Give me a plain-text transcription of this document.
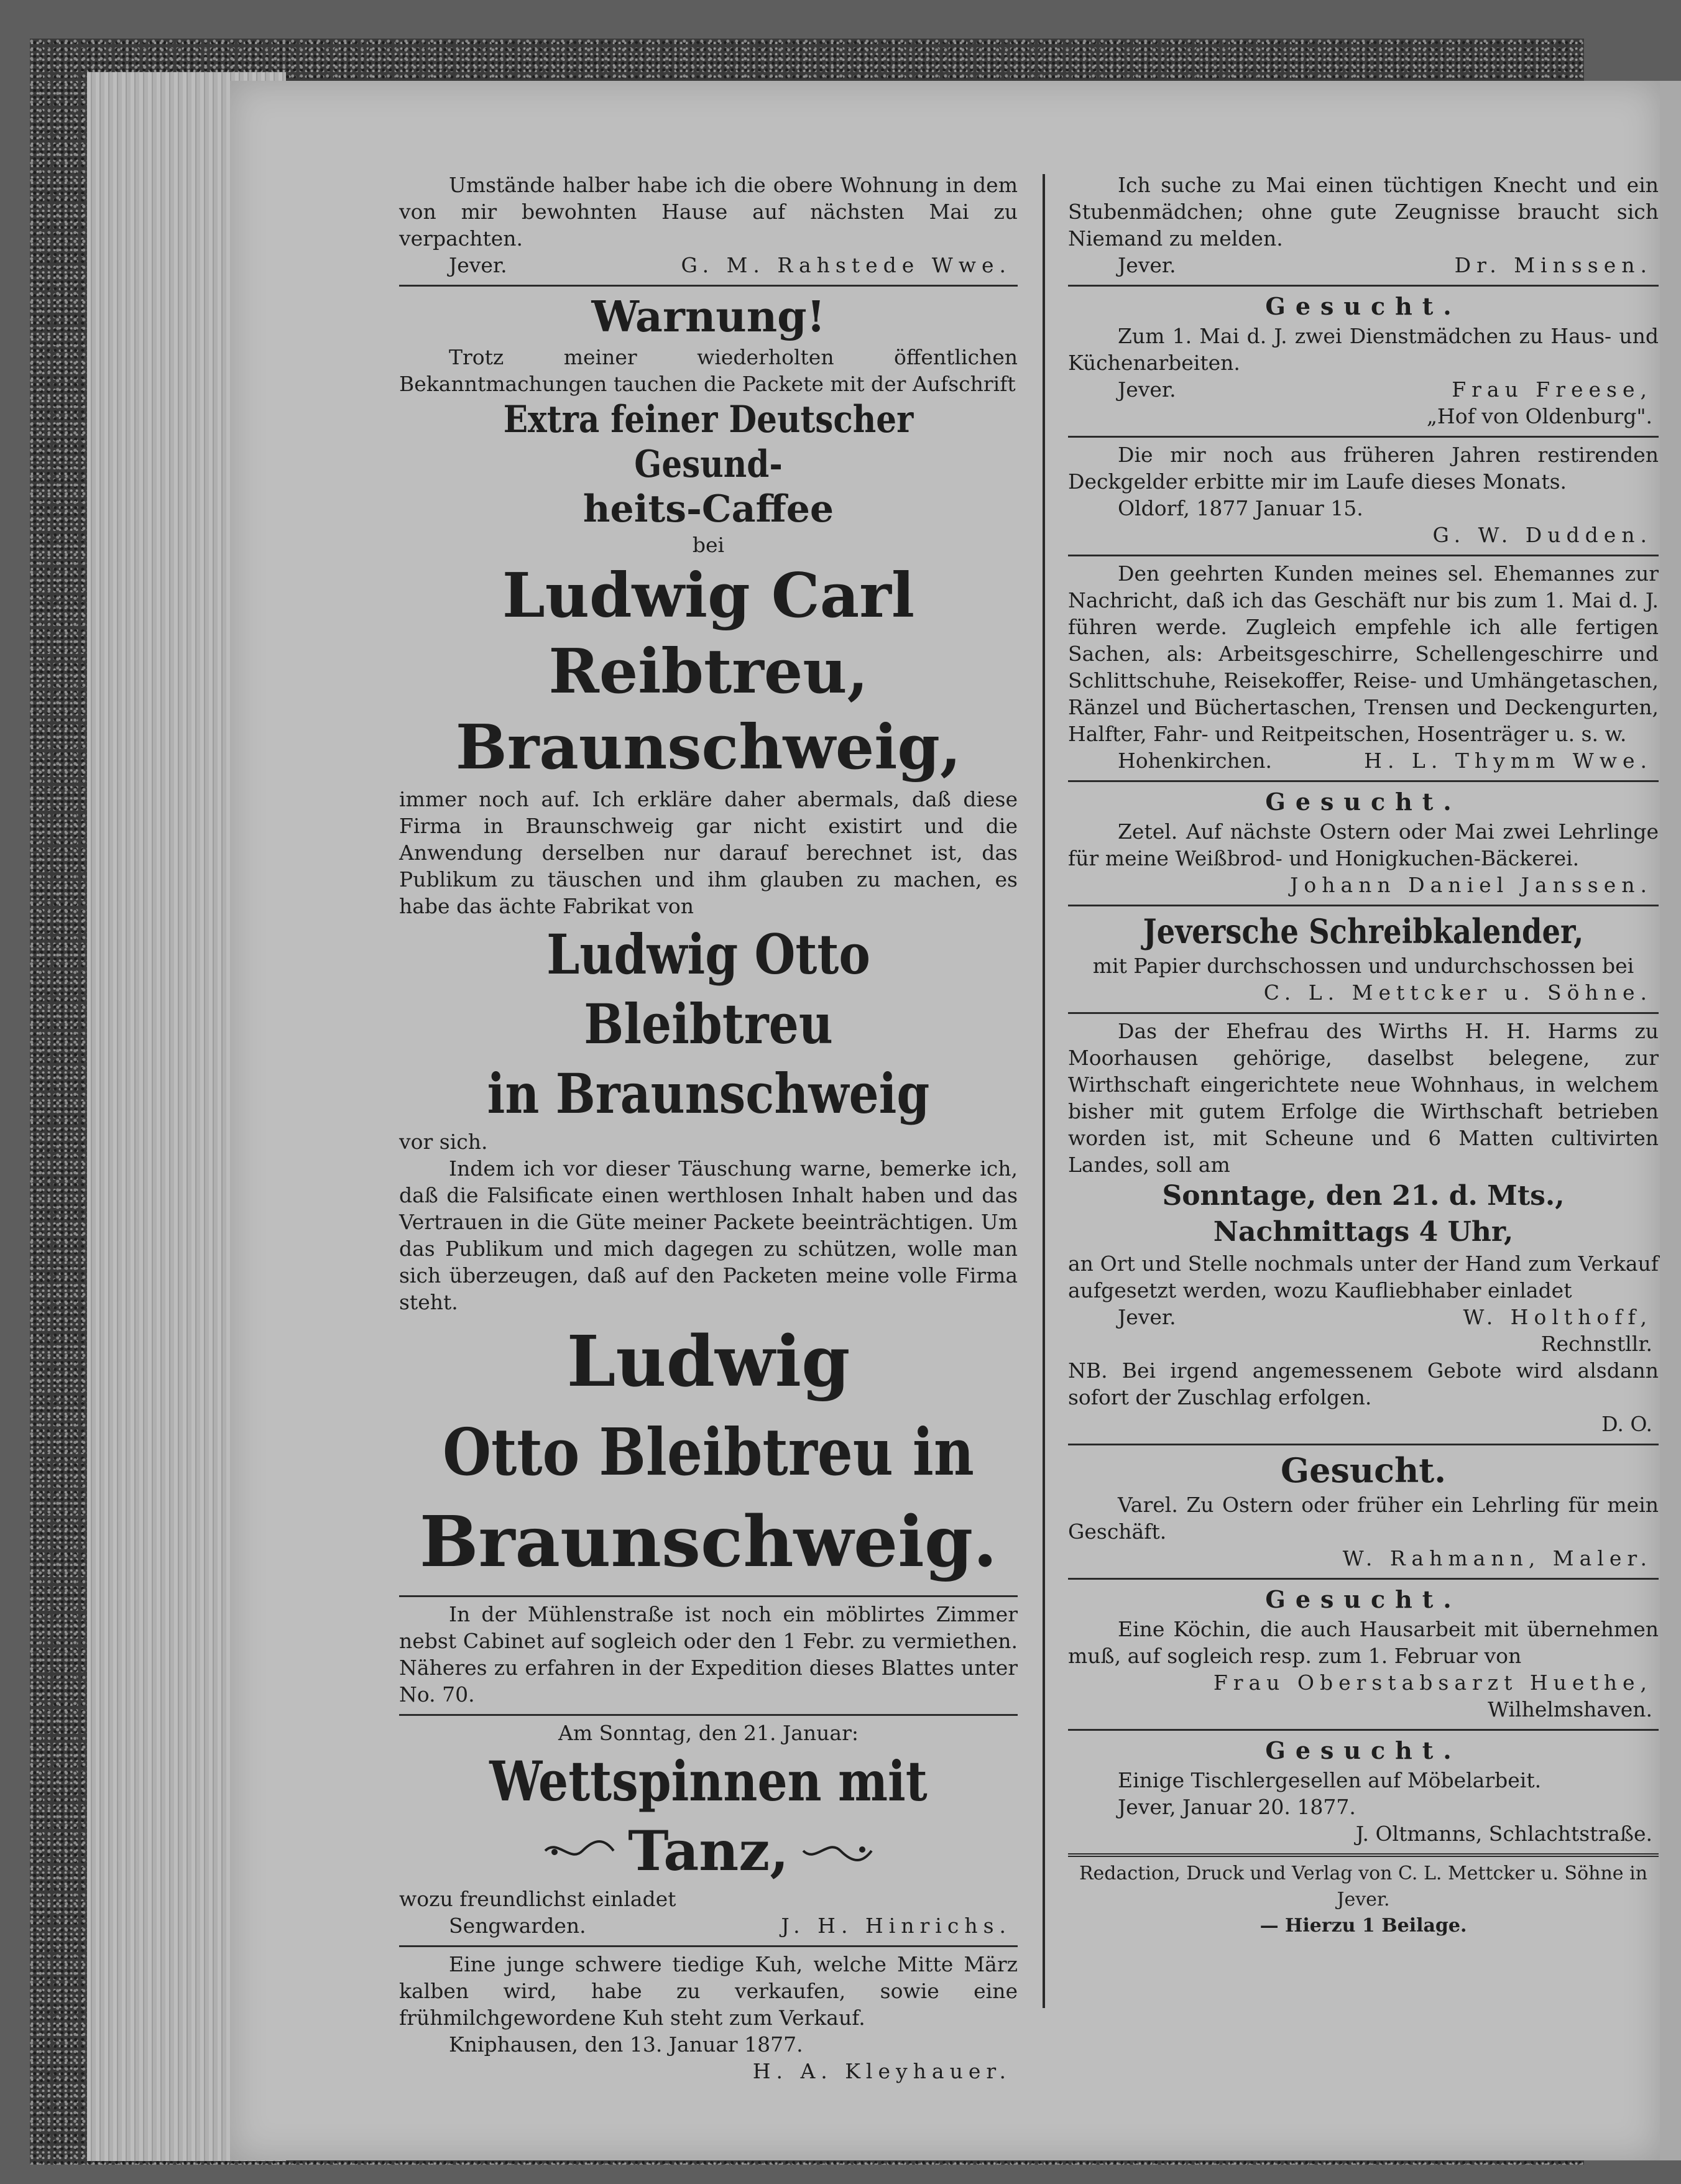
Umstände halber habe ich die obere Wohnung in dem von mir bewohnten Hause auf nächsten Mai zu verpachten.

Jever.	G. M. Rahstede Wwe.
Warnung!

Trotz meiner wiederholten öffentlichen Bekanntmachungen tauchen die Packete mit der Aufschrift

Extra feiner Deutscher Gesund-
heits-Caffee

bei

Ludwig Carl
Reibtreu,
Braunschweig,

immer noch auf. Ich erkläre daher abermals, daß diese Firma in Braunschweig gar nicht existirt und die Anwendung derselben nur darauf berechnet ist, das Publikum zu täuschen und ihm glauben zu machen, es habe das ächte Fabrikat von

Ludwig Otto Bleibtreu
in Braunschweig

vor sich.

Indem ich vor dieser Täuschung warne, bemerke ich, daß die Falsificate einen werthlosen Inhalt haben und das Vertrauen in die Güte meiner Packete beeinträchtigen. Um das Publikum und mich dagegen zu schützen, wolle man sich überzeugen, daß auf den Packeten meine volle Firma steht.

Ludwig
Otto Bleibtreu in
Braunschweig.

In der Mühlenstraße ist noch ein möblirtes Zimmer nebst Cabinet auf sogleich oder den 1 Febr. zu vermiethen. Näheres zu erfahren in der Expedition dieses Blattes unter No. 70.

Am Sonntag, den 21. Januar:

Wettspinnen mit
Tanz,

wozu freundlichst einladet

Sengwarden.	J. H. Hinrichs.

Eine junge schwere tiedige Kuh, welche Mitte März kalben wird, habe zu verkaufen, sowie eine frühmilchgewordene Kuh steht zum Verkauf.

Kniphausen, den 13. Januar 1877.

H. A. Kleyhauer.

Ich suche zu Mai einen tüchtigen Knecht und ein Stubenmädchen; ohne gute Zeugnisse braucht sich Niemand zu melden.

Jever.	Dr. Minssen.
Gesucht.

Zum 1. Mai d. J. zwei Dienstmädchen zu Haus- und Küchenarbeiten.

Jever.	Frau Freese,
„Hof von Oldenburg".

Die mir noch aus früheren Jahren restirenden Deckgelder erbitte mir im Laufe dieses Monats.

Oldorf, 1877 Januar 15.

G. W. Dudden.

Den geehrten Kunden meines sel. Ehemannes zur Nachricht, daß ich das Geschäft nur bis zum 1. Mai d. J. führen werde. Zugleich empfehle ich alle fertigen Sachen, als: Arbeitsgeschirre, Schellengeschirre und Schlittschuhe, Reisekoffer, Reise- und Umhängetaschen, Ränzel und Büchertaschen, Trensen und Deckengurten, Halfter, Fahr- und Reitpeitschen, Hosenträger u. s. w.

Hohenkirchen.	H. L. Thymm Wwe.
Gesucht.

Zetel. Auf nächste Ostern oder Mai zwei Lehrlinge für meine Weißbrod- und Honigkuchen-Bäckerei.

Johann Daniel Janssen.
Jeversche Schreibkalender,

mit Papier durchschossen und undurchschossen bei

C. L. Mettcker u. Söhne.

Das der Ehefrau des Wirths H. H. Harms zu Moorhausen gehörige, daselbst belegene, zur Wirthschaft eingerichtete neue Wohnhaus, in welchem bisher mit gutem Erfolge die Wirthschaft betrieben worden ist, mit Scheune und 6 Matten cultivirten Landes, soll am

Sonntage, den 21. d. Mts.,
Nachmittags 4 Uhr,

an Ort und Stelle nochmals unter der Hand zum Verkauf aufgesetzt werden, wozu Kaufliebhaber einladet

Jever.	W. Holthoff,
Rechnstllr.

NB. Bei irgend angemessenem Gebote wird alsdann sofort der Zuschlag erfolgen.

D. O.
Gesucht.

Varel. Zu Ostern oder früher ein Lehrling für mein Geschäft.

W. Rahmann, Maler.
Gesucht.

Eine Köchin, die auch Hausarbeit mit übernehmen muß, auf sogleich resp. zum 1. Februar von

Frau Oberstabsarzt Huethe,
Wilhelmshaven.
Gesucht.

Einige Tischlergesellen auf Möbelarbeit.

Jever, Januar 20. 1877.

J. Oltmanns, Schlachtstraße.
Redaction, Druck und Verlag von C. L. Mettcker u. Söhne in Jever.
— Hierzu 1 Beilage.
